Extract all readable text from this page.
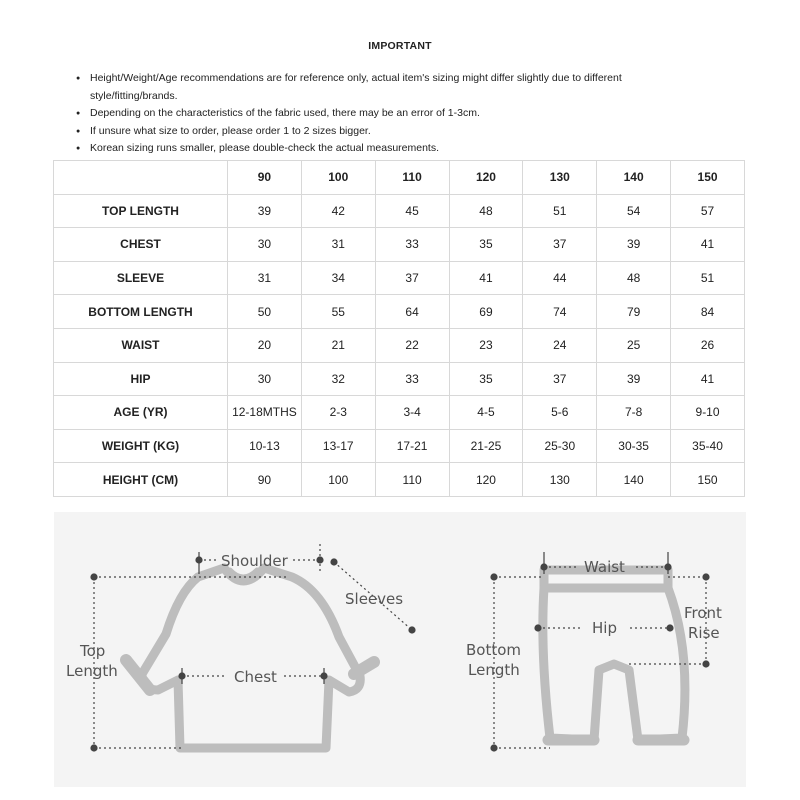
IMPORTANT
● Height/Weight/Age recommendations are for reference only, actual item's sizing might differ slightly due to different
style/fitting/brands.
● Depending on the characteristics of the fabric used, there may be an error of 1-3cm.
● If unsure what size to order, please order 1 to 2 sizes bigger.
● Korean sizing runs smaller, please double-check the actual measurements.
	90	100	110	120	130	140	150
TOP LENGTH	39	42	45	48	51	54	57
CHEST	30	31	33	35	37	39	41
SLEEVE	31	34	37	41	44	48	51
BOTTOM LENGTH	50	55	64	69	74	79	84
WAIST	20	21	22	23	24	25	26
HIP	30	32	33	35	37	39	41
AGE (YR)	12-18MTHS	2-3	3-4	4-5	5-6	7-8	9-10
WEIGHT (KG)	10-13	13-17	17-21	21-25	25-30	30-35	35-40
HEIGHT (CM)	90	100	110	120	130	140	150
Shoulder
Sleeves
Top
Length	Chest
Waist
Hip
Front
Rise
Bottom
Length
